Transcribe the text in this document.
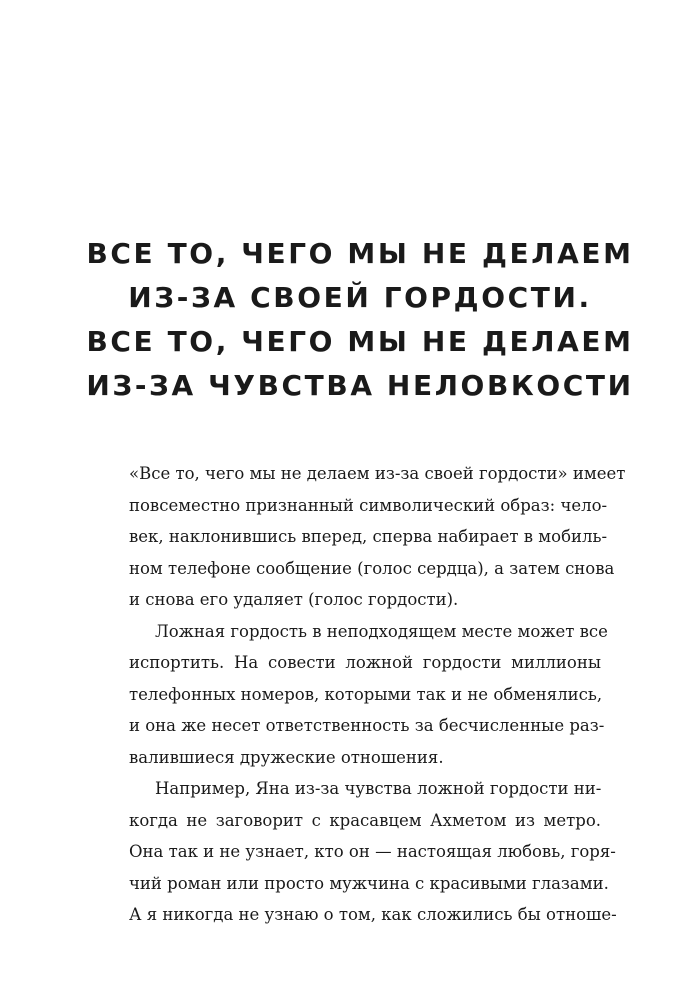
ВСЕ ТО, ЧЕГО МЫ НЕ ДЕЛАЕМ
ИЗ-ЗА СВОЕЙ ГОРДОСТИ.
ВСЕ ТО, ЧЕГО МЫ НЕ ДЕЛАЕМ
ИЗ-ЗА ЧУВСТВА НЕЛОВКОСТИ
«Все то, чего мы не делаем из-за своей гордости» имеет
повсеместно признанный символический образ: чело-
век, наклонившись вперед, сперва набирает в мобиль-
ном телефоне сообщение (голос сердца), а затем снова
и снова его удаляет (голос гордости).
Ложная гордость в неподходящем месте может все
испортить. На совести ложной гордости миллионы
телефонных номеров, которыми так и не обменялись,
и она же несет ответственность за бесчисленные раз-
валившиеся дружеские отношения.
Например, Яна из-за чувства ложной гордости ни-
когда не заговорит с красавцем Ахметом из метро.
Она так и не узнает, кто он — настоящая любовь, горя-
чий роман или просто мужчина с красивыми глазами.
А я никогда не узнаю о том, как сложились бы отноше-
